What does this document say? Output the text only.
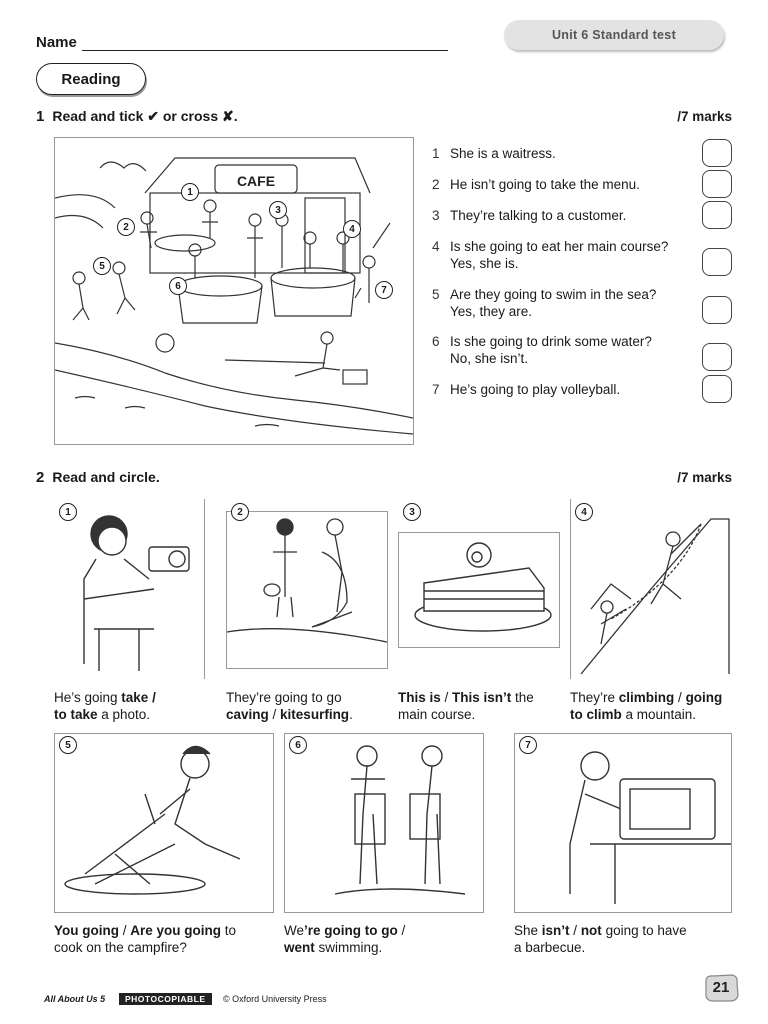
Name	Unit 6 Standard test
Reading
1 Read and tick ✔ or cross ✘.	/7 marks
CAFE
1
2
3
4
5
6	7
1 She is a waitress.
2 He isn’t going to take the menu.
3 They’re talking to a customer.
4 Is she going to eat her main course?
Yes, she is.
5 Are they going to swim in the sea?
Yes, they are.
6 Is she going to drink some water?
No, she isn’t.
7 He’s going to play volleyball.
2 Read and circle.	/7 marks
1	2	3	4
He’s going take /
to take a photo.
They’re going to go
caving / kitesurfing.
This is / This isn’t the
main course.
They’re climbing / going
to climb a mountain.
5	6	7
You going / Are you going to
cook on the campfire?
We’re going to go /
went swimming.
She isn’t / not going to have
a barbecue.
All About Us 5	PHOTOCOPIABLE	© Oxford University Press
21
